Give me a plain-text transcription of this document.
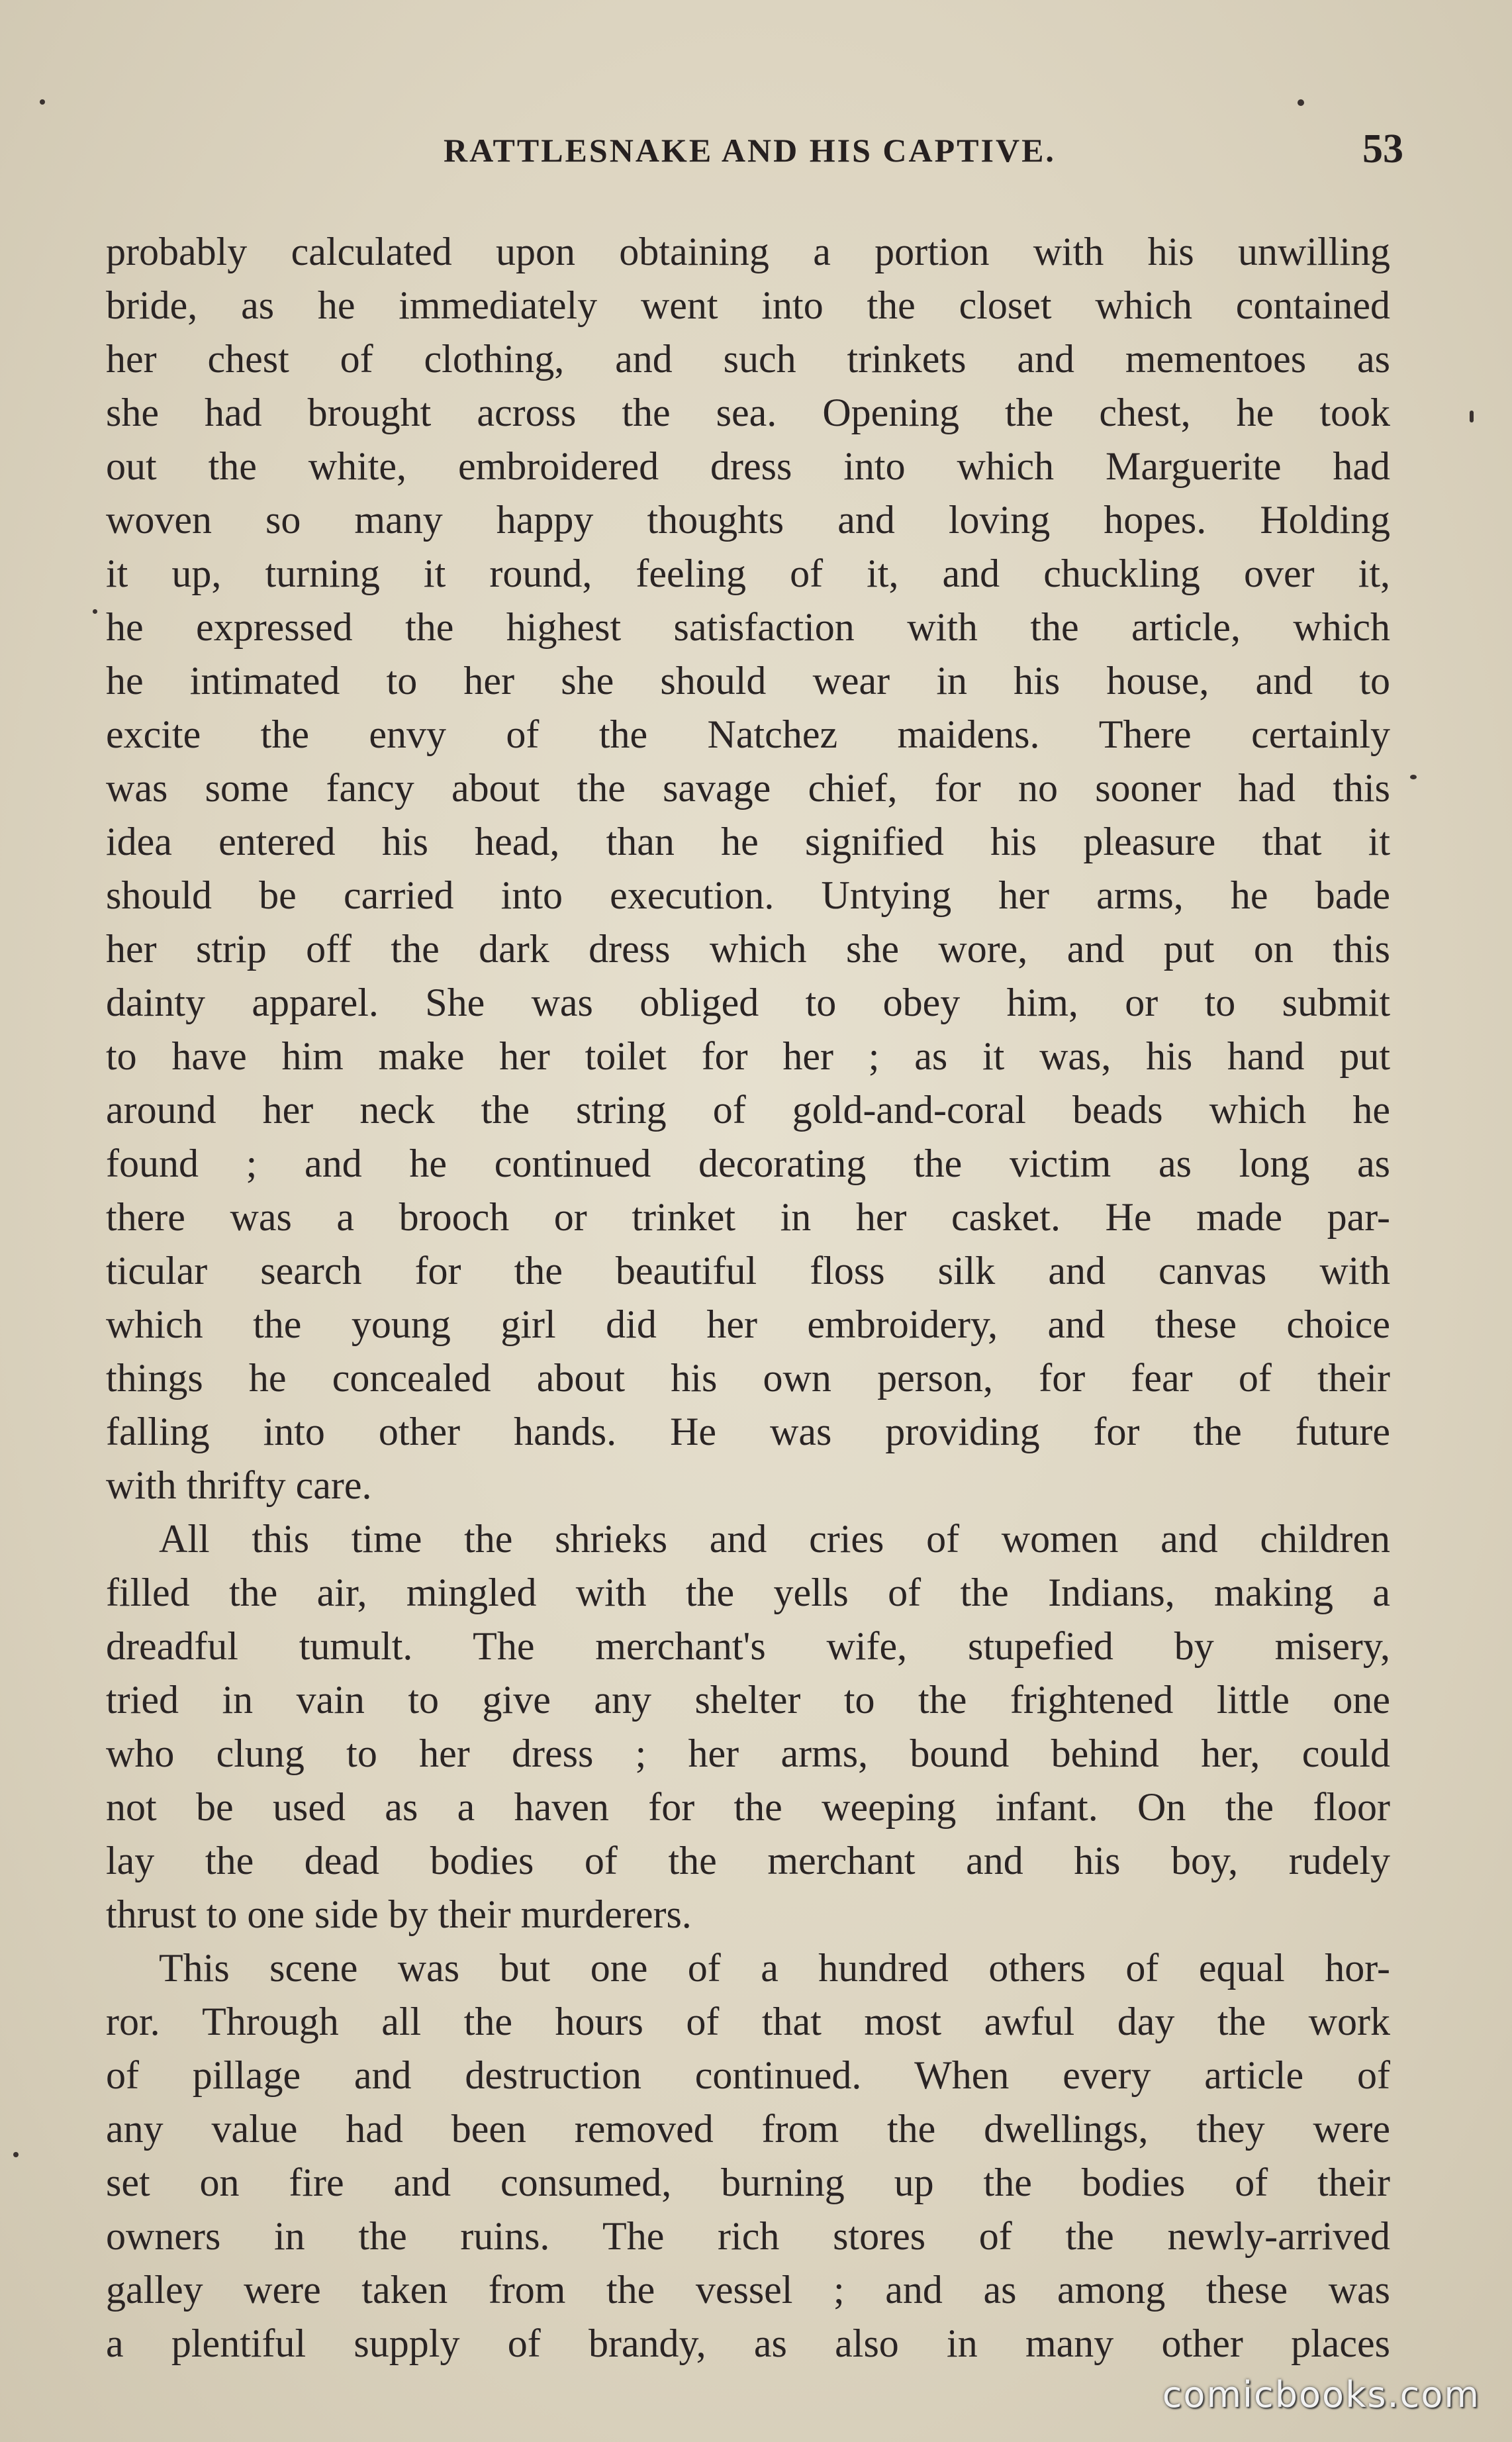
RATTLESNAKE AND HIS CAPTIVE.	53
probably calculated upon obtaining a portion with his unwilling
bride, as he immediately went into the closet which contained
her chest of clothing, and such trinkets and mementoes as
she had brought across the sea. Opening the chest, he took
out the white, embroidered dress into which Marguerite had
woven so many happy thoughts and loving hopes. Holding
it up, turning it round, feeling of it, and chuckling over it,
he expressed the highest satisfaction with the article, which
he intimated to her she should wear in his house, and to
excite the envy of the Natchez maidens. There certainly
was some fancy about the savage chief, for no sooner had this
idea entered his head, than he signified his pleasure that it
should be carried into execution. Untying her arms, he bade
her strip off the dark dress which she wore, and put on this
dainty apparel. She was obliged to obey him, or to submit
to have him make her toilet for her ; as it was, his hand put
around her neck the string of gold-and-coral beads which he
found ; and he continued decorating the victim as long as
there was a brooch or trinket in her casket. He made par-
ticular search for the beautiful floss silk and canvas with
which the young girl did her embroidery, and these choice
things he concealed about his own person, for fear of their
falling into other hands. He was providing for the future
with thrifty care.
All this time the shrieks and cries of women and children
filled the air, mingled with the yells of the Indians, making a
dreadful tumult. The merchant's wife, stupefied by misery,
tried in vain to give any shelter to the frightened little one
who clung to her dress ; her arms, bound behind her, could
not be used as a haven for the weeping infant. On the floor
lay the dead bodies of the merchant and his boy, rudely
thrust to one side by their murderers.
This scene was but one of a hundred others of equal hor-
ror. Through all the hours of that most awful day the work
of pillage and destruction continued. When every article of
any value had been removed from the dwellings, they were
set on fire and consumed, burning up the bodies of their
owners in the ruins. The rich stores of the newly-arrived
galley were taken from the vessel ; and as among these was
a plentiful supply of brandy, as also in many other places
comicbooks.com
